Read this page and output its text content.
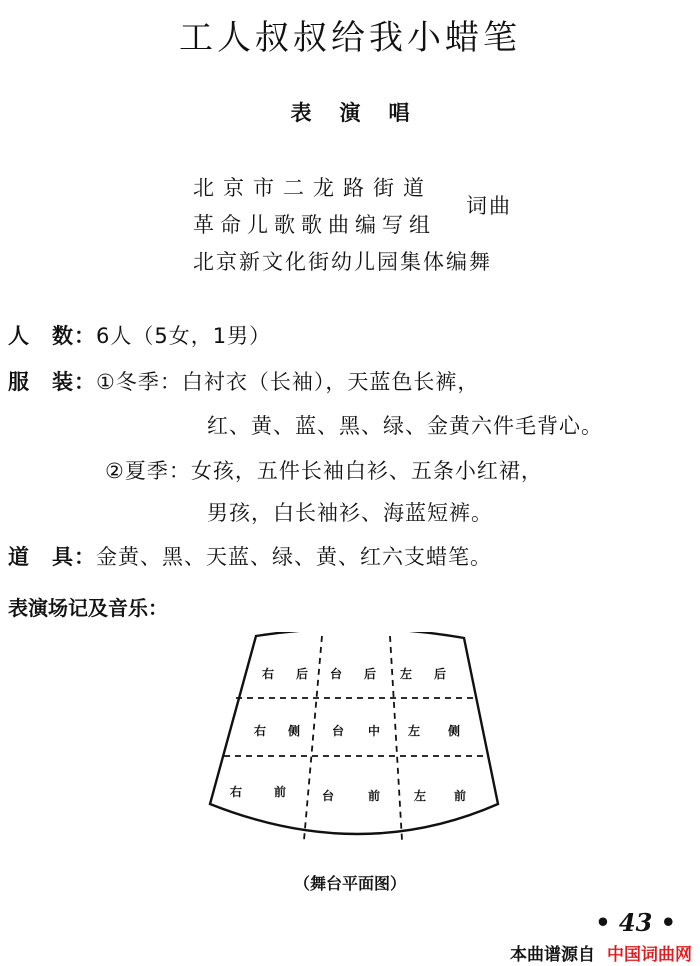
工人叔叔给我小蜡笔
表演唱
北京市二龙路街道
革命儿歌歌曲编写组
词曲
北京新文化街幼儿园集体编舞
人　数：6人（5女，1男）
服　装：①冬季：白衬衣（长袖），天蓝色长裤，
红、黄、蓝、黑、绿、金黄六件毛背心。
②夏季：女孩，五件长袖白衫、五条小红裙，
男孩，白长袖衫、海蓝短裤。
道　具：金黄、黑、天蓝、绿、黄、红六支蜡笔。
表演场记及音乐：
右 后 台 后 左 后
右 侧	台 中 左 侧
右	前	台	前	左 前
（舞台平面图）
• 43 •
本曲谱源自 中国词曲网
